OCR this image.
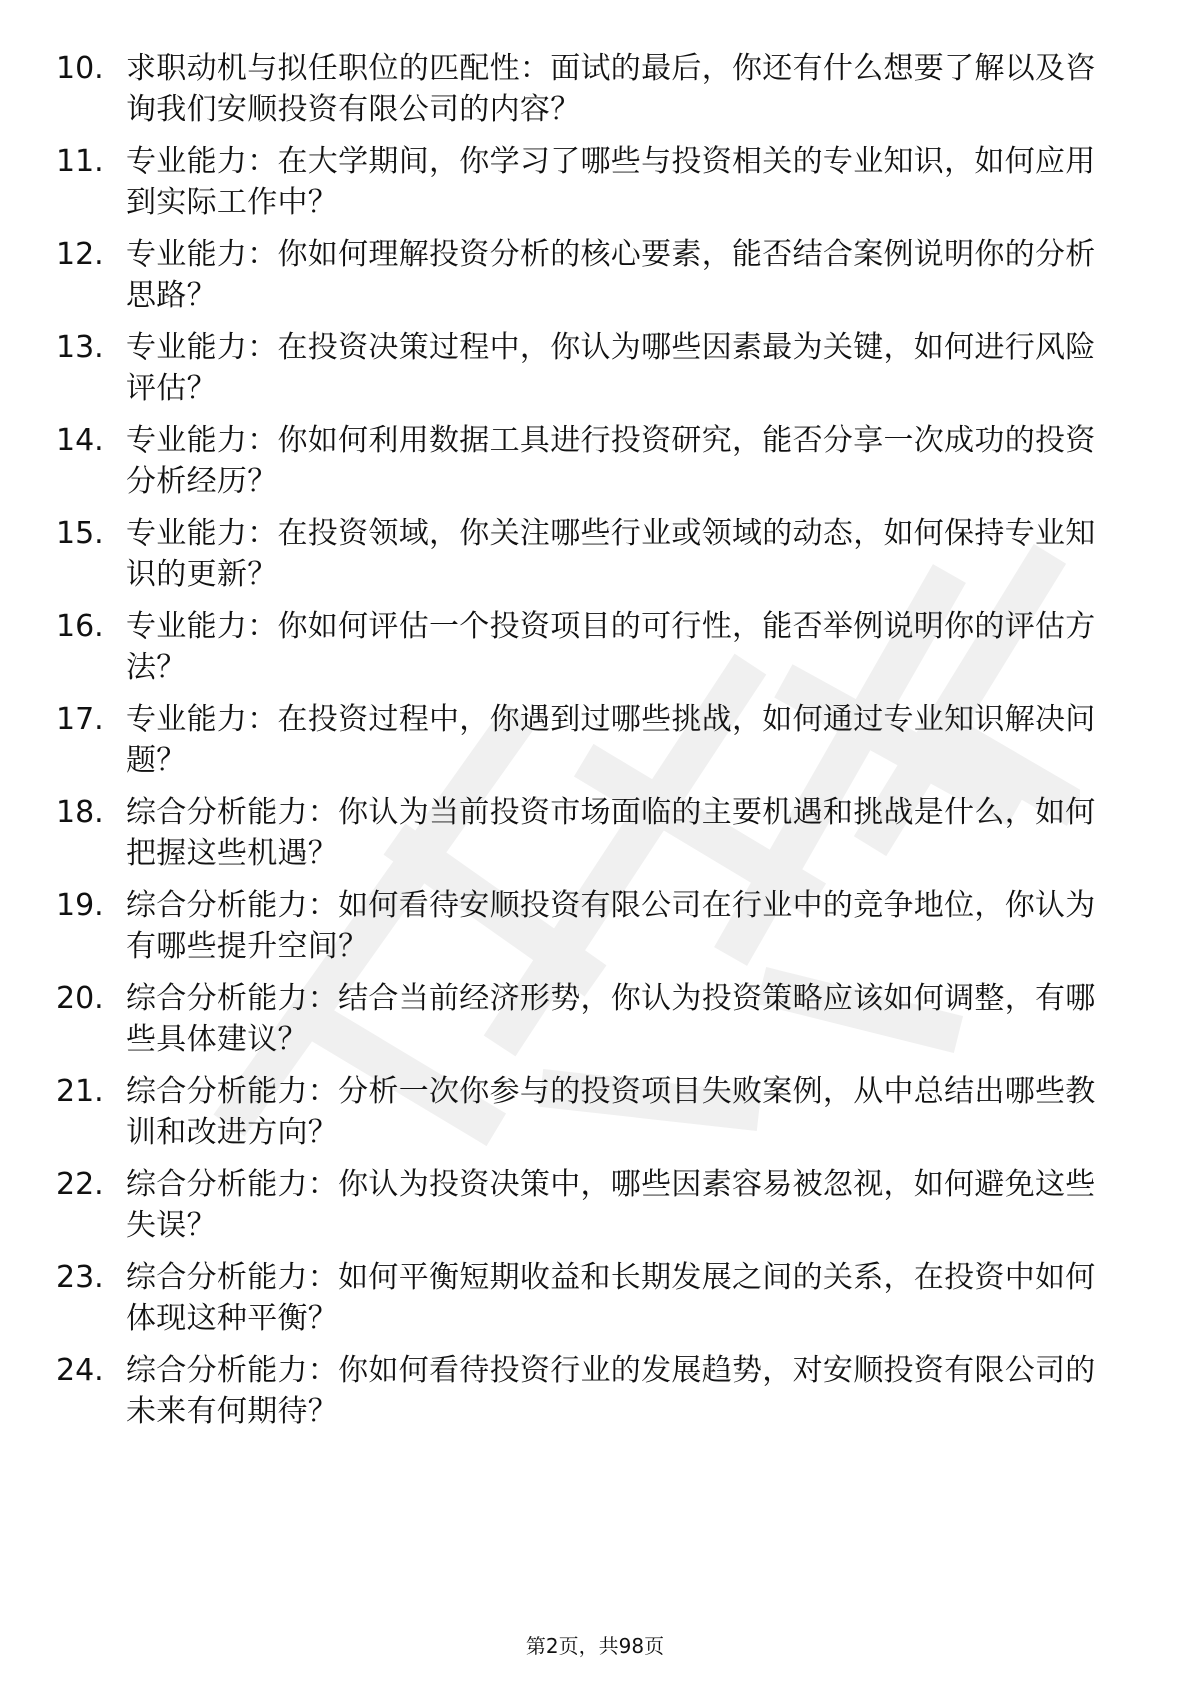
10. 求职动机与拟任职位的匹配性：面试的最后，你还有什么想要了解以及咨询我们安顺投资有限公司的内容？
11. 专业能力：在大学期间，你学习了哪些与投资相关的专业知识，如何应用到实际工作中？
12. 专业能力：你如何理解投资分析的核心要素，能否结合案例说明你的分析思路？
13. 专业能力：在投资决策过程中，你认为哪些因素最为关键，如何进行风险评估？
14. 专业能力：你如何利用数据工具进行投资研究，能否分享一次成功的投资分析经历？
15. 专业能力：在投资领域，你关注哪些行业或领域的动态，如何保持专业知识的更新？
16. 专业能力：你如何评估一个投资项目的可行性，能否举例说明你的评估方法？
17. 专业能力：在投资过程中，你遇到过哪些挑战，如何通过专业知识解决问题？
18. 综合分析能力：你认为当前投资市场面临的主要机遇和挑战是什么，如何把握这些机遇？
19. 综合分析能力：如何看待安顺投资有限公司在行业中的竞争地位，你认为有哪些提升空间？
20. 综合分析能力：结合当前经济形势，你认为投资策略应该如何调整，有哪些具体建议？
21. 综合分析能力：分析一次你参与的投资项目失败案例，从中总结出哪些教训和改进方向？
22. 综合分析能力：你认为投资决策中，哪些因素容易被忽视，如何避免这些失误？
23. 综合分析能力：如何平衡短期收益和长期发展之间的关系，在投资中如何体现这种平衡？
24. 综合分析能力：你如何看待投资行业的发展趋势，对安顺投资有限公司的未来有何期待？
第2页，共98页
